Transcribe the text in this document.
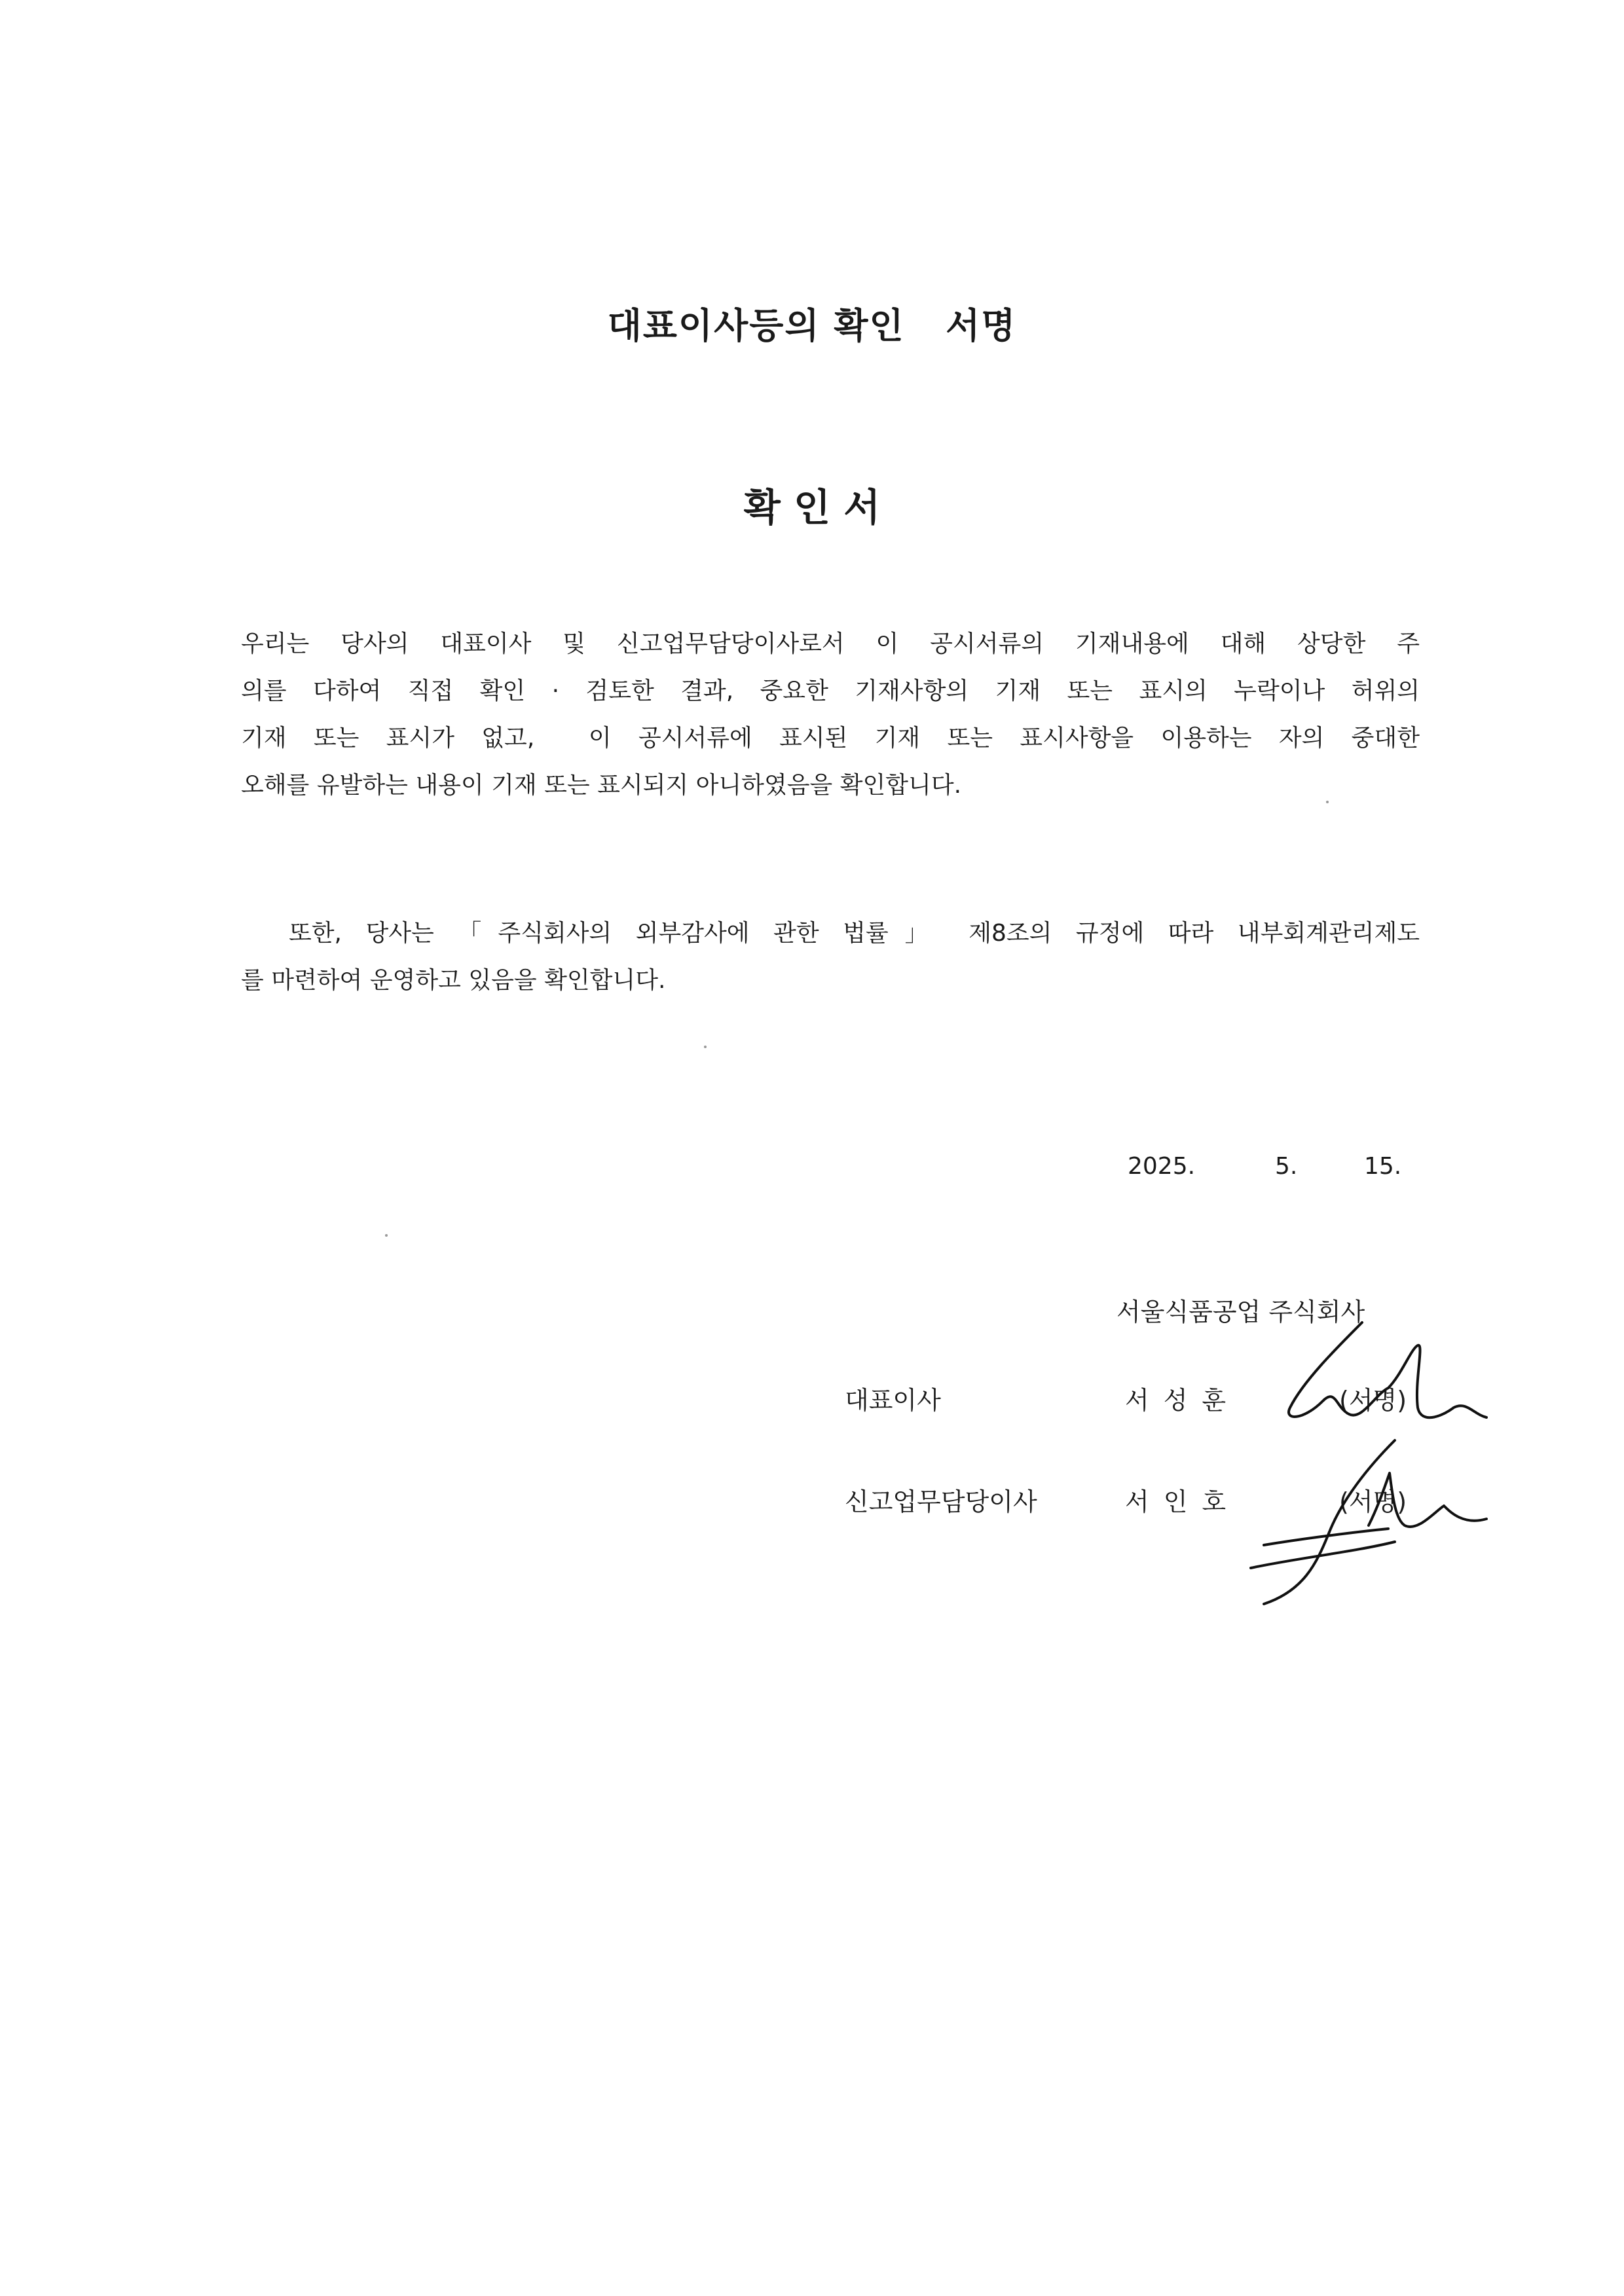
대표이사등의 확인   서명
확 인 서
우리는 당사의 대표이사 및 신고업무담당이사로서 이 공시서류의 기재내용에 대해 상당한 주
의를 다하여 직접 확인 · 검토한 결과, 중요한 기재사항의 기재 또는 표시의 누락이나 허위의
기재 또는 표시가 없고,  이 공시서류에 표시된 기재 또는 표시사항을 이용하는 자의 중대한
오해를 유발하는 내용이 기재 또는 표시되지 아니하였음을 확인합니다.
또한, 당사는 「주식회사의 외부감사에 관한 법률」 제8조의 규정에 따라 내부회계관리제도
를 마련하여 운영하고 있음을 확인합니다.
2025.	5.	15.
서울식품공업 주식회사
대표이사	서성훈	(서명)
신고업무담당이사	서인호	(서명)
